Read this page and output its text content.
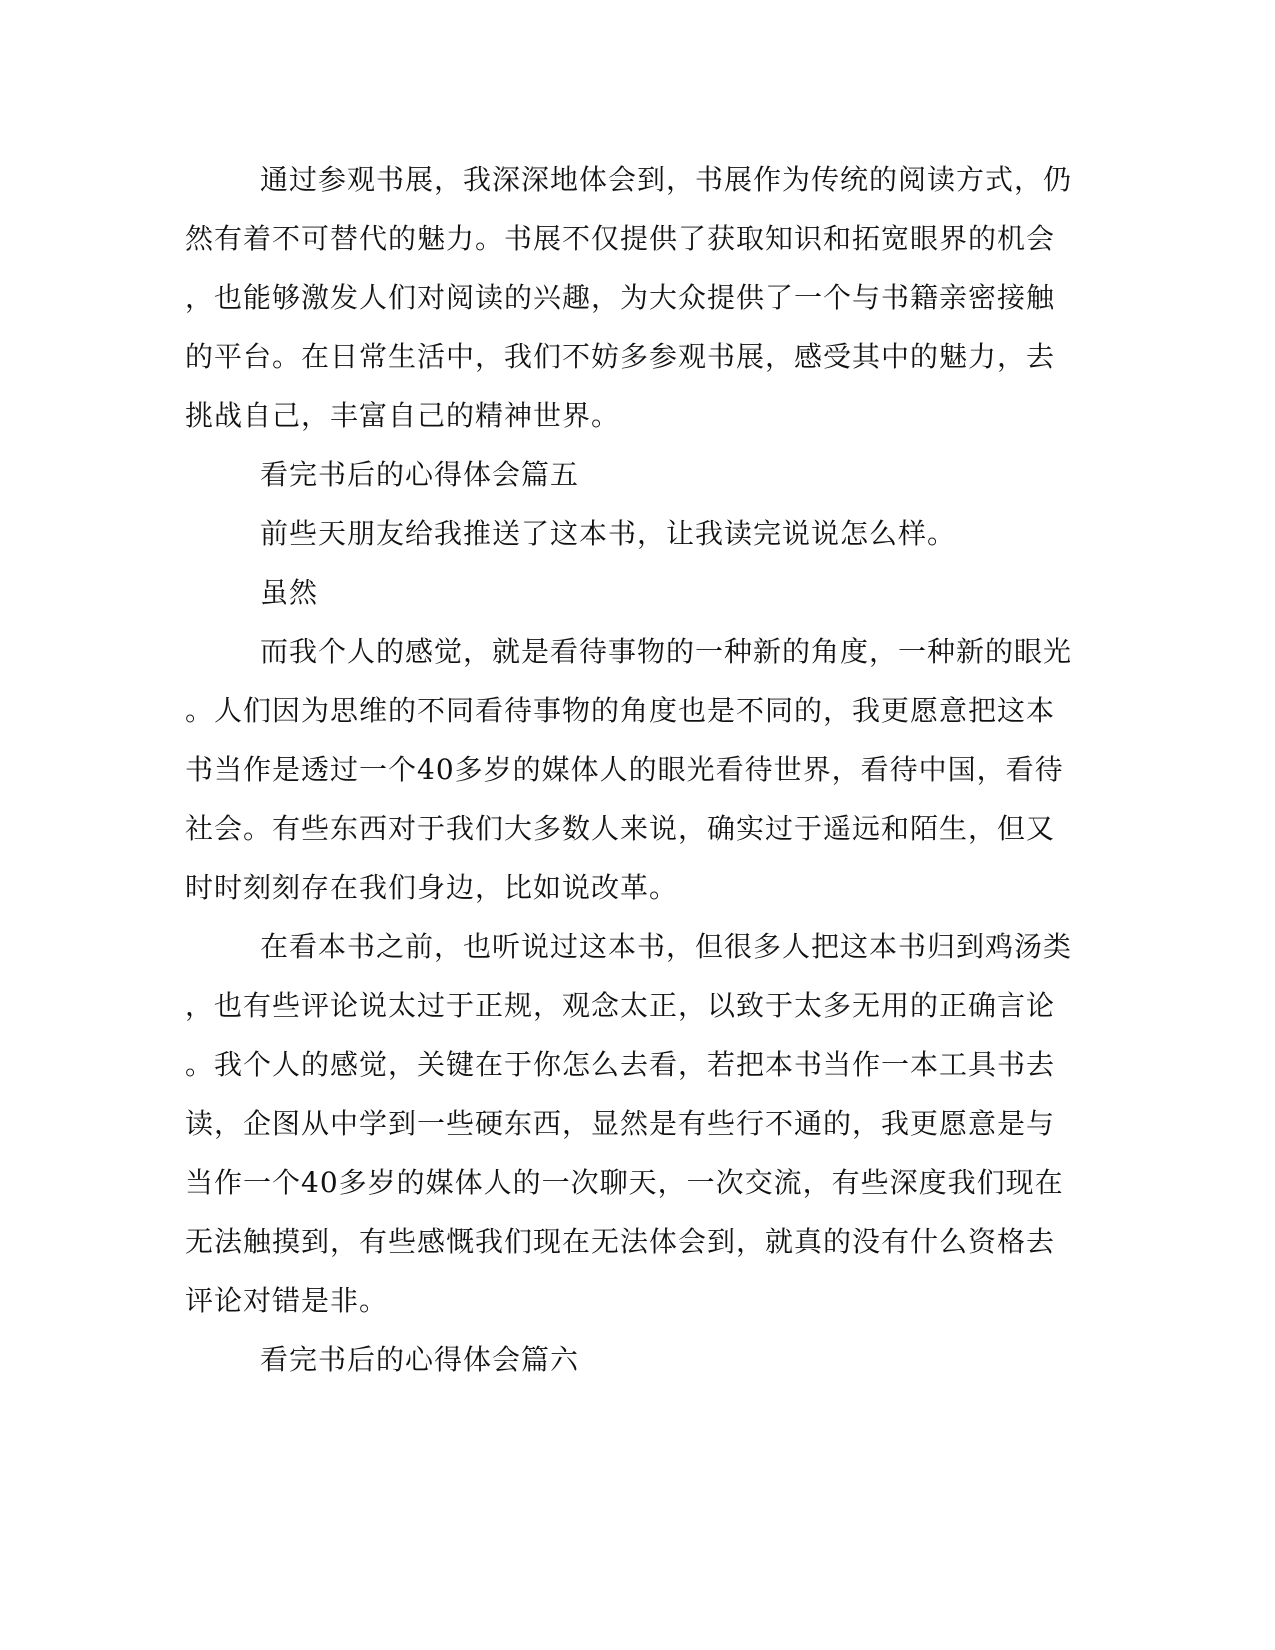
通过参观书展，我深深地体会到，书展作为传统的阅读方式，仍
然有着不可替代的魅力。书展不仅提供了获取知识和拓宽眼界的机会
，也能够激发人们对阅读的兴趣，为大众提供了一个与书籍亲密接触
的平台。在日常生活中，我们不妨多参观书展，感受其中的魅力，去
挑战自己，丰富自己的精神世界。
看完书后的心得体会篇五
前些天朋友给我推送了这本书，让我读完说说怎么样。
虽然
而我个人的感觉，就是看待事物的一种新的角度，一种新的眼光
。人们因为思维的不同看待事物的角度也是不同的，我更愿意把这本
书当作是透过一个40多岁的媒体人的眼光看待世界，看待中国，看待
社会。有些东西对于我们大多数人来说，确实过于遥远和陌生，但又
时时刻刻存在我们身边，比如说改革。
在看本书之前，也听说过这本书，但很多人把这本书归到鸡汤类
，也有些评论说太过于正规，观念太正，以致于太多无用的正确言论
。我个人的感觉，关键在于你怎么去看，若把本书当作一本工具书去
读，企图从中学到一些硬东西，显然是有些行不通的，我更愿意是与
当作一个40多岁的媒体人的一次聊天，一次交流，有些深度我们现在
无法触摸到，有些感慨我们现在无法体会到，就真的没有什么资格去
评论对错是非。
看完书后的心得体会篇六
